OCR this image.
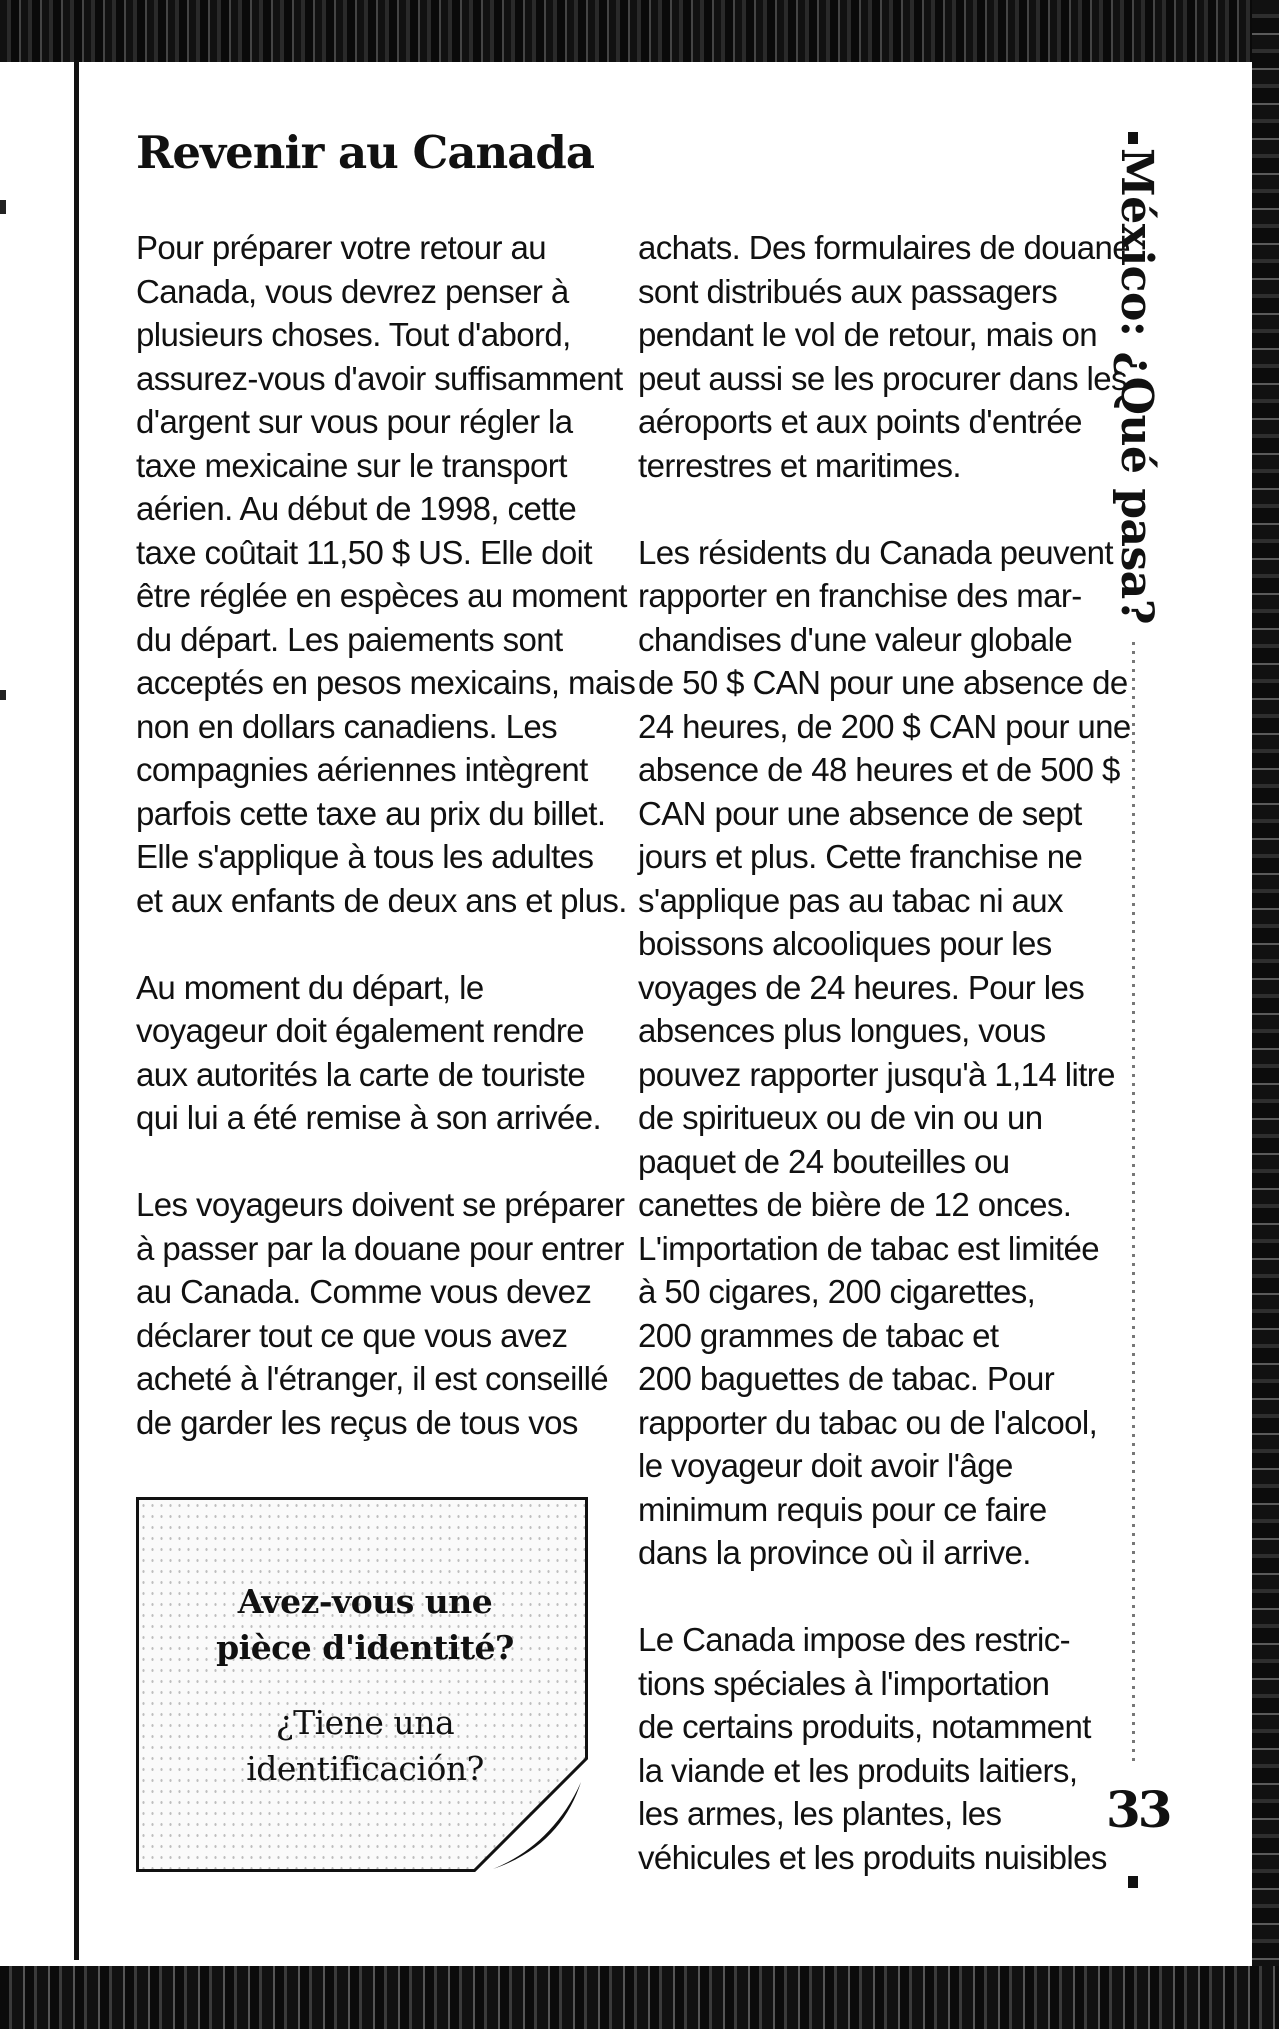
Revenir au Canada

Pour préparer votre retour au
Canada, vous devrez penser à
plusieurs choses. Tout d'abord,
assurez-vous d'avoir suffisamment
d'argent sur vous pour régler la
taxe mexicaine sur le transport
aérien. Au début de 1998, cette
taxe coûtait 11,50 $ US. Elle doit
être réglée en espèces au moment
du départ. Les paiements sont
acceptés en pesos mexicains, mais
non en dollars canadiens. Les
compagnies aériennes intègrent
parfois cette taxe au prix du billet.
Elle s'applique à tous les adultes
et aux enfants de deux ans et plus.

Au moment du départ, le
voyageur doit également rendre
aux autorités la carte de touriste
qui lui a été remise à son arrivée.

Les voyageurs doivent se préparer
à passer par la douane pour entrer
au Canada. Comme vous devez
déclarer tout ce que vous avez
acheté à l'étranger, il est conseillé
de garder les reçus de tous vos

achats. Des formulaires de douane
sont distribués aux passagers
pendant le vol de retour, mais on
peut aussi se les procurer dans les
aéroports et aux points d'entrée
terrestres et maritimes.

Les résidents du Canada peuvent
rapporter en franchise des mar-
chandises d'une valeur globale
de 50 $ CAN pour une absence de
24 heures, de 200 $ CAN pour une
absence de 48 heures et de 500 $
CAN pour une absence de sept
jours et plus. Cette franchise ne
s'applique pas au tabac ni aux
boissons alcooliques pour les
voyages de 24 heures. Pour les
absences plus longues, vous
pouvez rapporter jusqu'à 1,14 litre
de spiritueux ou de vin ou un
paquet de 24 bouteilles ou
canettes de bière de 12 onces.
L'importation de tabac est limitée
à 50 cigares, 200 cigarettes,
200 grammes de tabac et
200 baguettes de tabac. Pour
rapporter du tabac ou de l'alcool,
le voyageur doit avoir l'âge
minimum requis pour ce faire
dans la province où il arrive.

Le Canada impose des restric-
tions spéciales à l'importation
de certains produits, notamment
la viande et les produits laitiers,
les armes, les plantes, les
véhicules et les produits nuisibles

Avez-vous une
pièce d'identité?
¿Tiene una
identificación?
México: ¿Qué pasa?
33
